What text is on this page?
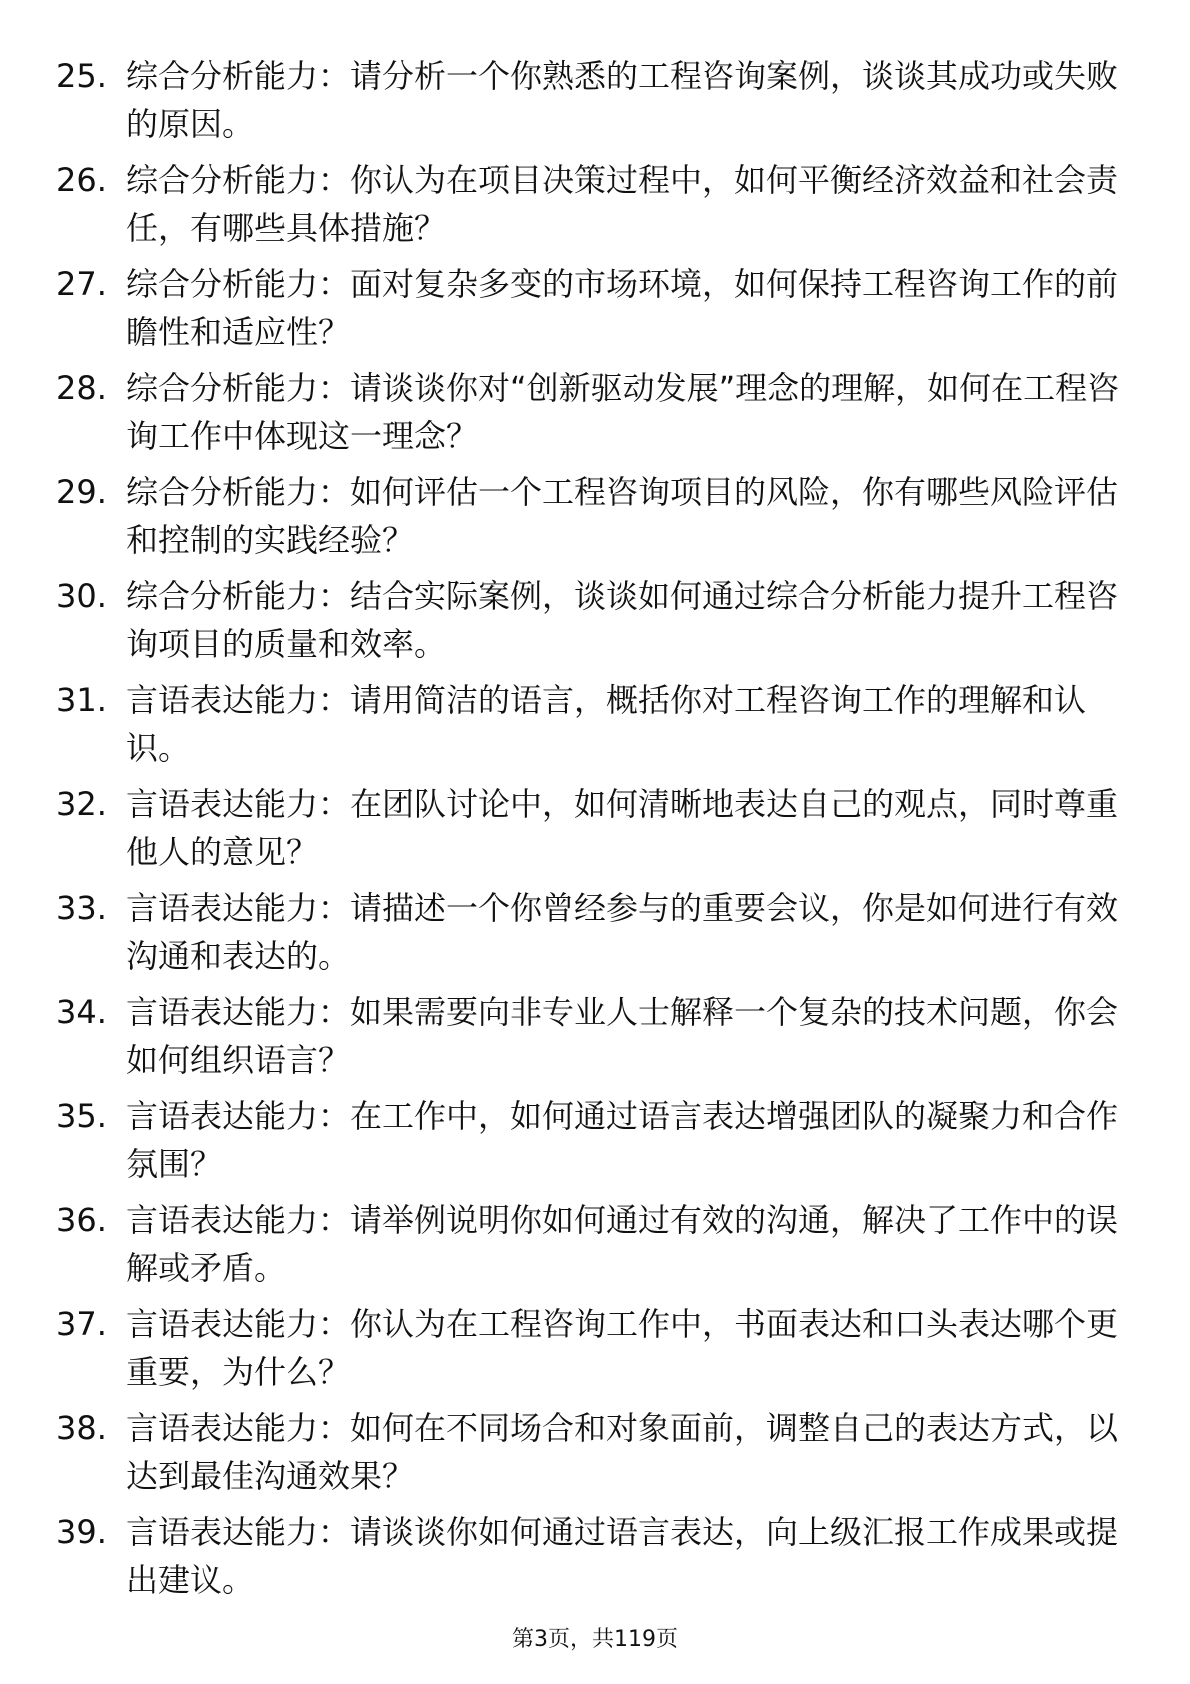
25. 综合分析能力：请分析一个你熟悉的工程咨询案例，谈谈其成功或失败的原因。
26. 综合分析能力：你认为在项目决策过程中，如何平衡经济效益和社会责任，有哪些具体措施？
27. 综合分析能力：面对复杂多变的市场环境，如何保持工程咨询工作的前瞻性和适应性？
28. 综合分析能力：请谈谈你对“创新驱动发展”理念的理解，如何在工程咨询工作中体现这一理念？
29. 综合分析能力：如何评估一个工程咨询项目的风险，你有哪些风险评估和控制的实践经验？
30. 综合分析能力：结合实际案例，谈谈如何通过综合分析能力提升工程咨询项目的质量和效率。
31. 言语表达能力：请用简洁的语言，概括你对工程咨询工作的理解和认识。
32. 言语表达能力：在团队讨论中，如何清晰地表达自己的观点，同时尊重他人的意见？
33. 言语表达能力：请描述一个你曾经参与的重要会议，你是如何进行有效沟通和表达的。
34. 言语表达能力：如果需要向非专业人士解释一个复杂的技术问题，你会如何组织语言？
35. 言语表达能力：在工作中，如何通过语言表达增强团队的凝聚力和合作氛围？
36. 言语表达能力：请举例说明你如何通过有效的沟通，解决了工作中的误解或矛盾。
37. 言语表达能力：你认为在工程咨询工作中，书面表达和口头表达哪个更重要，为什么？
38. 言语表达能力：如何在不同场合和对象面前，调整自己的表达方式，以达到最佳沟通效果？
39. 言语表达能力：请谈谈你如何通过语言表达，向上级汇报工作成果或提出建议。
第3页，共119页
